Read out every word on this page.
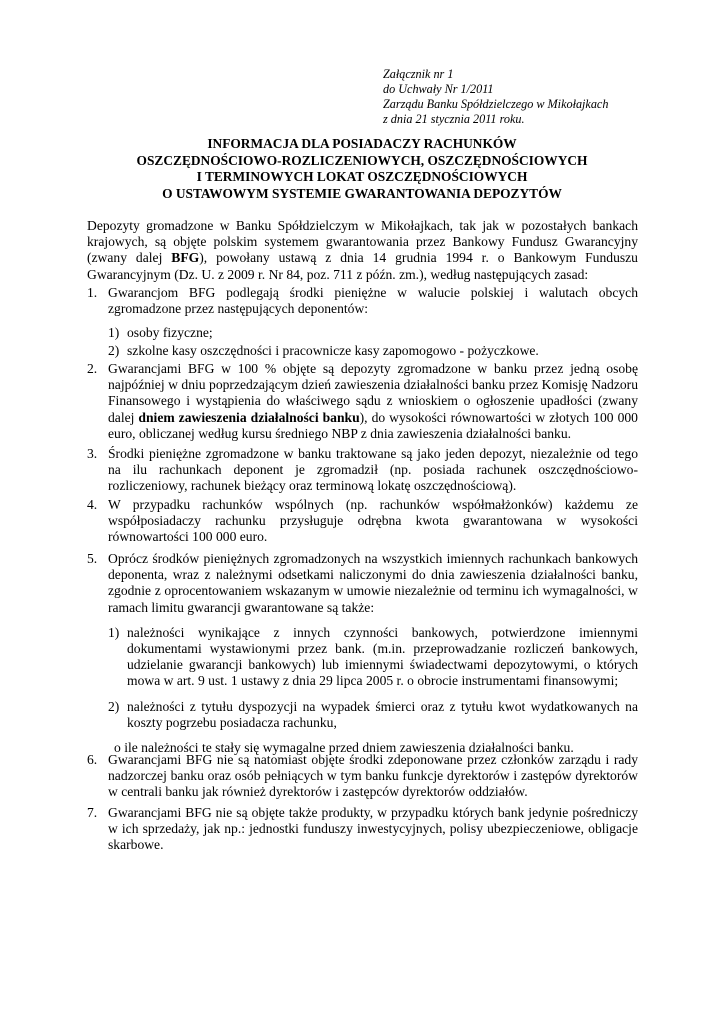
Załącznik nr 1
do Uchwały Nr 1/2011
Zarządu Banku Spółdzielczego w Mikołajkach
z dnia 21 stycznia 2011 roku.
INFORMACJA DLA POSIADACZY RACHUNKÓW
OSZCZĘDNOŚCIOWO-ROZLICZENIOWYCH, OSZCZĘDNOŚCIOWYCH
I TERMINOWYCH LOKAT OSZCZĘDNOŚCIOWYCH
O USTAWOWYM SYSTEMIE GWARANTOWANIA DEPOZYTÓW
Depozyty gromadzone w Banku Spółdzielczym w Mikołajkach, tak jak w pozostałych bankach krajowych, są objęte polskim systemem gwarantowania przez Bankowy Fundusz Gwarancyjny (zwany dalej BFG), powołany ustawą z dnia 14 grudnia 1994 r. o Bankowym Funduszu Gwarancyjnym (Dz. U. z 2009 r. Nr 84, poz. 711 z późn. zm.), według następujących zasad:
1. Gwarancjom BFG podlegają środki pieniężne w walucie polskiej i walutach obcych zgromadzone przez następujących deponentów:

1) osoby fizyczne;

2) szkolne kasy oszczędności i pracownicze kasy zapomogowo - pożyczkowe.

2. Gwarancjami BFG w 100 % objęte są depozyty zgromadzone w banku przez jedną osobę najpóźniej w dniu poprzedzającym dzień zawieszenia działalności banku przez Komisję Nadzoru Finansowego i wystąpienia do właściwego sądu z wnioskiem o ogłoszenie upadłości (zwany dalej dniem zawieszenia działalności banku), do wysokości równowartości w złotych 100 000 euro, obliczanej według kursu średniego NBP z dnia zawieszenia działalności banku.

3. Środki pieniężne zgromadzone w banku traktowane są jako jeden depozyt, niezależnie od tego na ilu rachunkach deponent je zgromadził (np. posiada rachunek oszczędnościowo-rozliczeniowy, rachunek bieżący oraz terminową lokatę oszczędnościową).

4. W przypadku rachunków wspólnych (np. rachunków współmałżonków) każdemu ze współposiadaczy rachunku przysługuje odrębna kwota gwarantowana w wysokości równowartości 100 000 euro.

5. Oprócz środków pieniężnych zgromadzonych na wszystkich imiennych rachunkach bankowych deponenta, wraz z należnymi odsetkami naliczonymi do dnia zawieszenia działalności banku, zgodnie z oprocentowaniem wskazanym w umowie niezależnie od terminu ich wymagalności, w ramach limitu gwarancji gwarantowane są także:

1) należności wynikające z innych czynności bankowych, potwierdzone imiennymi dokumentami wystawionymi przez bank. (m.in. przeprowadzanie rozliczeń bankowych, udzielanie gwarancji bankowych) lub imiennymi świadectwami depozytowymi, o których mowa w art. 9 ust. 1 ustawy z dnia 29 lipca 2005 r. o obrocie instrumentami finansowymi;

2) należności z tytułu dyspozycji na wypadek śmierci oraz z tytułu kwot wydatkowanych na koszty pogrzebu posiadacza rachunku,

o ile należności te stały się wymagalne przed dniem zawieszenia działalności banku.

6. Gwarancjami BFG nie są natomiast objęte środki zdeponowane przez członków zarządu i rady nadzorczej banku oraz osób pełniących w tym banku funkcje dyrektorów i zastępów dyrektorów w centrali banku jak również dyrektorów i zastępców dyrektorów oddziałów.

7. Gwarancjami BFG nie są objęte także produkty, w przypadku których bank jedynie pośredniczy w ich sprzedaży, jak np.: jednostki funduszy inwestycyjnych, polisy ubezpieczeniowe, obligacje skarbowe.
